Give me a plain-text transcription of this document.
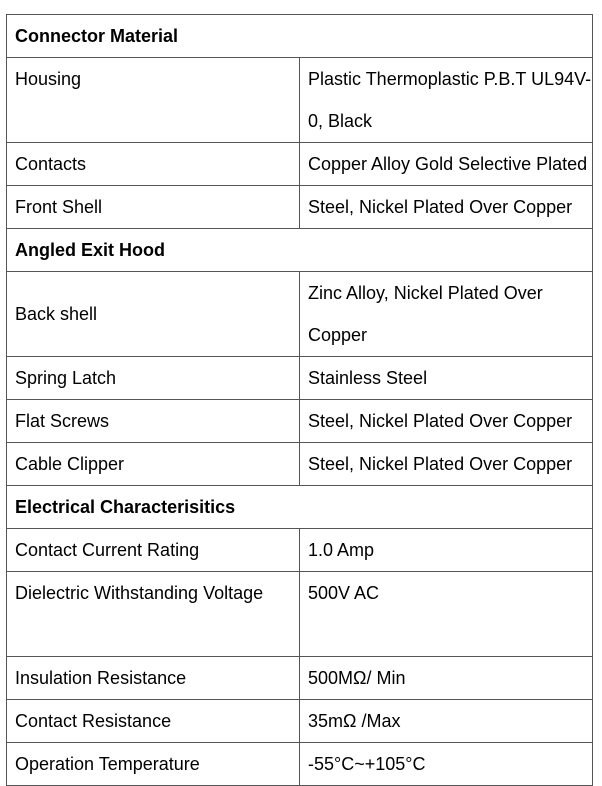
Connector Material	
Housing	Plastic Thermoplastic P.B.T UL94V-0, Black
Contacts	Copper Alloy Gold Selective Plated
Front Shell	Steel, Nickel Plated Over Copper
Angled Exit Hood	
Back shell	Zinc Alloy, Nickel Plated Over Copper
Spring Latch	Stainless Steel
Flat Screws	Steel, Nickel Plated Over Copper
Cable Clipper	Steel, Nickel Plated Over Copper
Electrical Characterisitics	
Contact Current Rating	1.0 Amp
Dielectric Withstanding Voltage	500V AC
Insulation Resistance	500MΩ/ Min
Contact Resistance	35mΩ /Max
Operation Temperature	-55°C~+105°C
